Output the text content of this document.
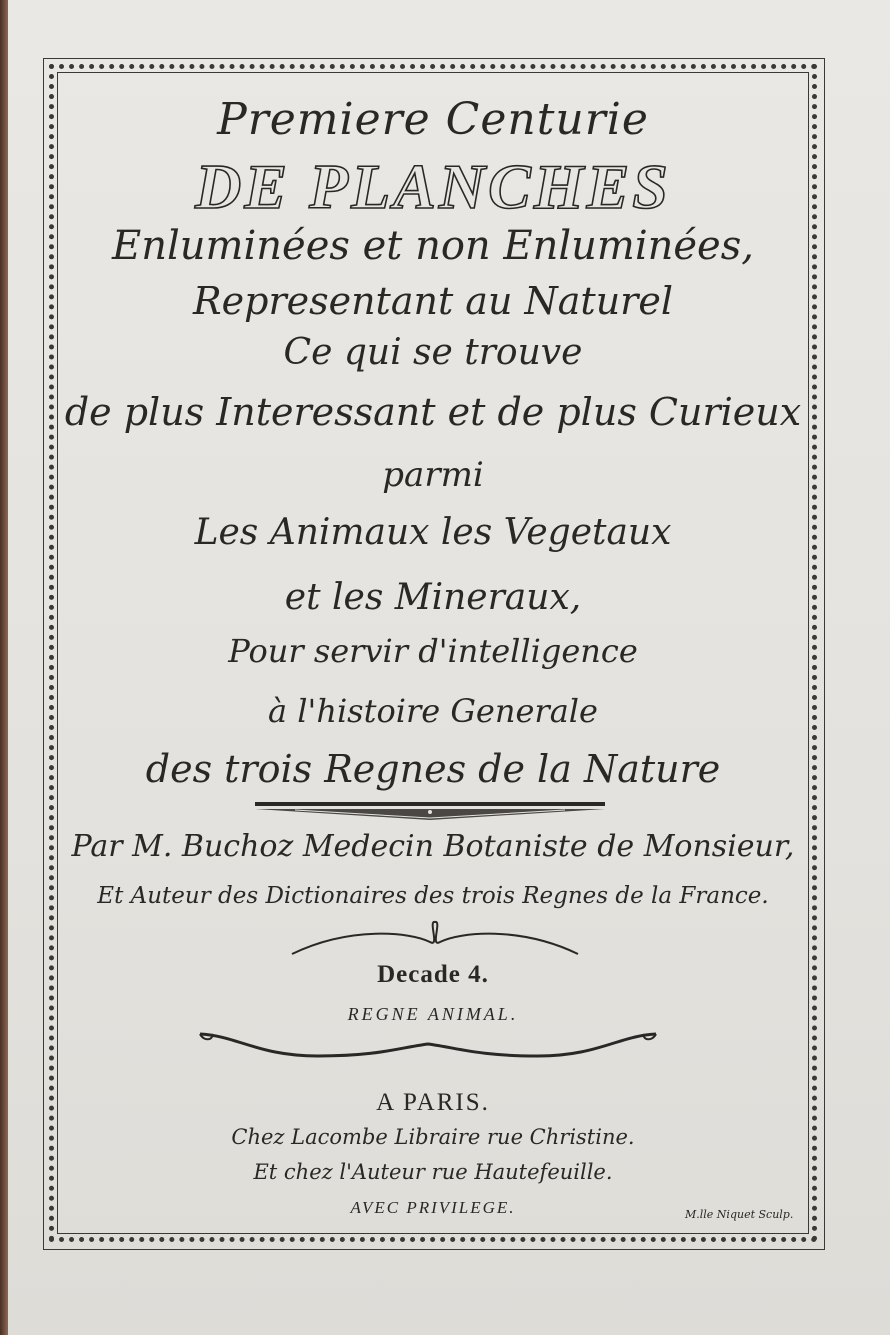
Premiere Centurie
DE PLANCHES
Enluminées et non Enluminées,
Representant au Naturel
Ce qui se trouve
de plus Interessant et de plus Curieux
parmi
Les Animaux les Vegetaux
et les Mineraux,
Pour servir d'intelligence
à l'histoire Generale
des trois Regnes de la Nature
Par M. Buchoz Medecin Botaniste de Monsieur,
Et Auteur des Dictionaires des trois Regnes de la France.
Decade 4.
REGNE ANIMAL.
A PARIS.
Chez Lacombe Libraire rue Christine.
Et chez l'Auteur rue Hautefeuille.
AVEC PRIVILEGE.	M.lle Niquet Sculp.
